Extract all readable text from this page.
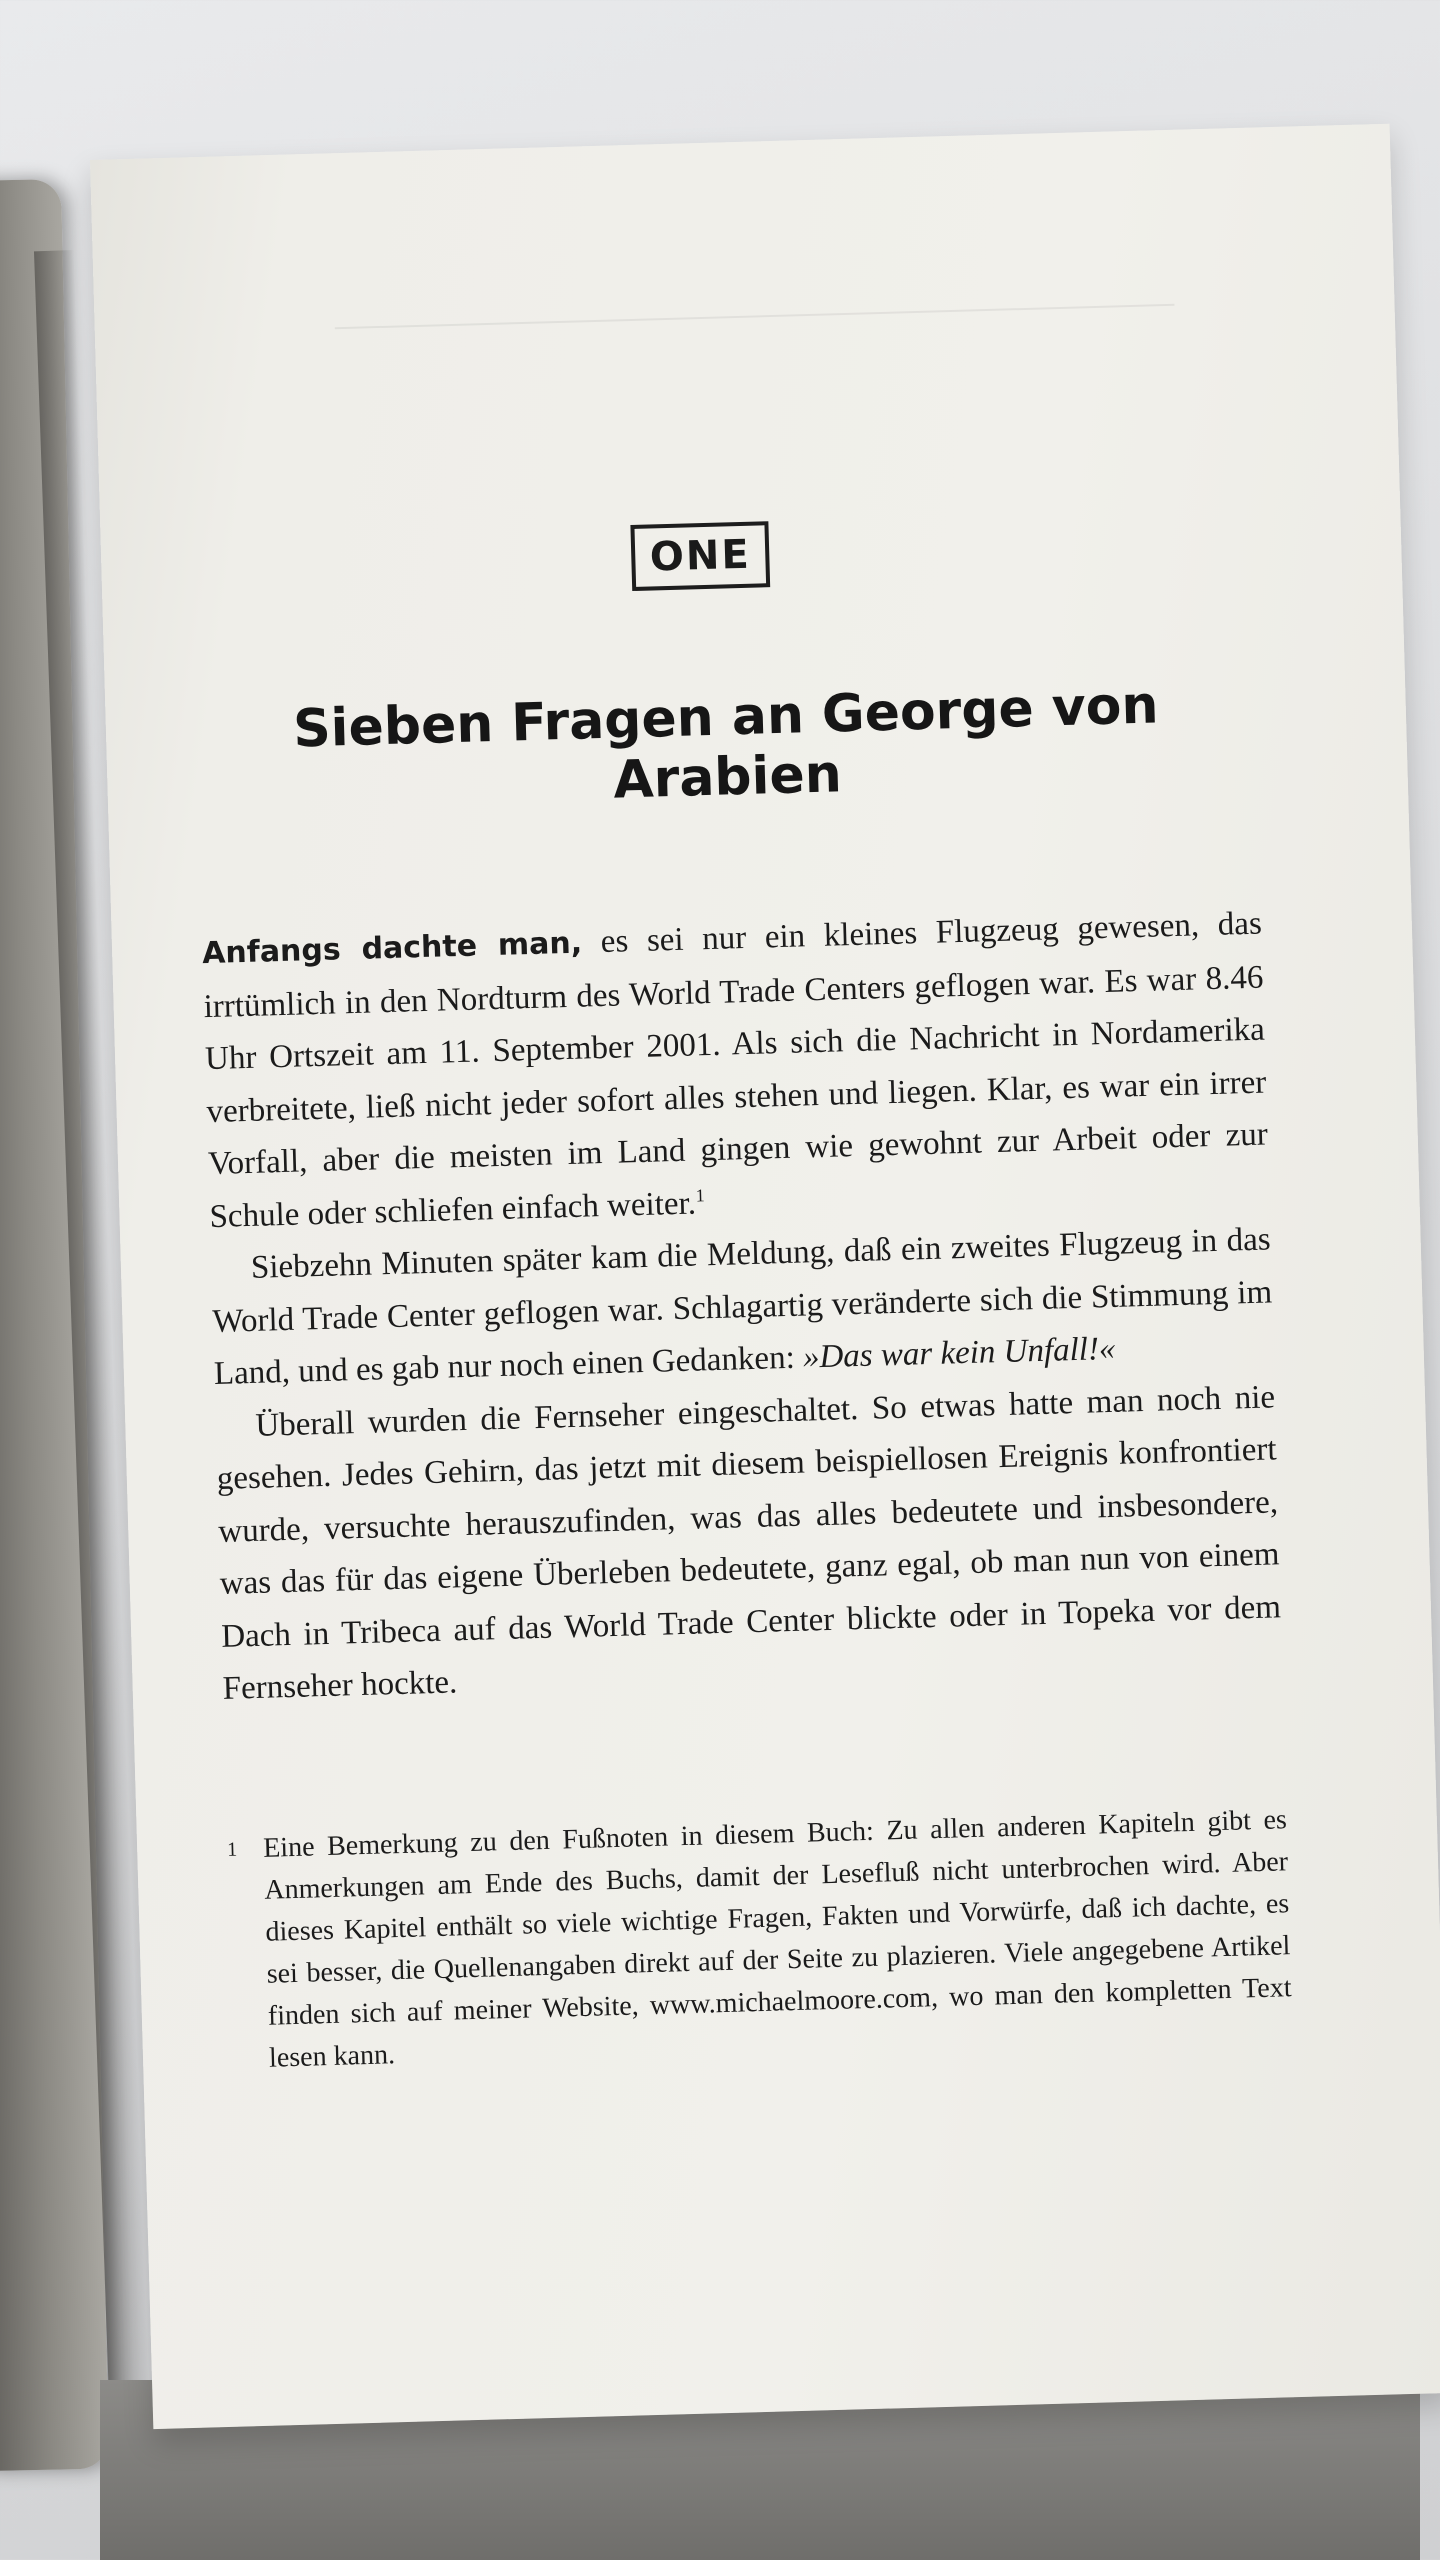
ONE
Sieben Fragen an George von Arabien

Anfangs dachte man, es sei nur ein kleines Flugzeug gewesen, das irrtümlich in den Nordturm des World Trade Centers geflogen war. Es war 8.46 Uhr Ortszeit am 11. September 2001. Als sich die Nachricht in Nordamerika verbreitete, ließ nicht jeder sofort alles stehen und liegen. Klar, es war ein irrer Vorfall, aber die meisten im Land gingen wie gewohnt zur Arbeit oder zur Schule oder schliefen einfach weiter.$^1$

Siebzehn Minuten später kam die Meldung, daß ein zweites Flugzeug in das World Trade Center geflogen war. Schlagartig veränderte sich die Stimmung im Land, und es gab nur noch einen Gedanken: »Das war kein Unfall!«

Überall wurden die Fernseher eingeschaltet. So etwas hatte man noch nie gesehen. Jedes Gehirn, das jetzt mit diesem beispiellosen Ereignis konfrontiert wurde, versuchte herauszufinden, was das alles bedeutete und insbesondere, was das für das eigene Überleben bedeutete, ganz egal, ob man nun von einem Dach in Tribeca auf das World Trade Center blickte oder in Topeka vor dem Fernseher hockte.

1 Eine Bemerkung zu den Fußnoten in diesem Buch: Zu allen anderen Kapiteln gibt es Anmerkungen am Ende des Buchs, damit der Lesefluß nicht unterbrochen wird. Aber dieses Kapitel enthält so viele wichtige Fragen, Fakten und Vorwürfe, daß ich dachte, es sei besser, die Quellenangaben direkt auf der Seite zu plazieren. Viele angegebene Artikel finden sich auf meiner Website, www.michaelmoore.com, wo man den kompletten Text lesen kann.
